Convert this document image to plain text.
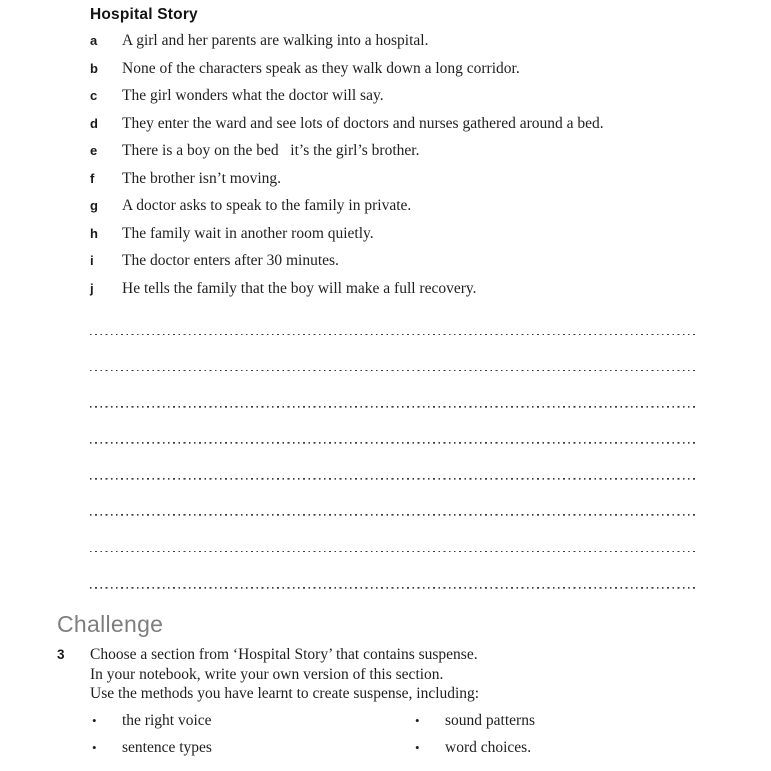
Hospital Story
a	A girl and her parents are walking into a hospital.
b	None of the characters speak as they walk down a long corridor.
c	The girl wonders what the doctor will say.
d	They enter the ward and see lots of doctors and nurses gathered around a bed.
e	There is a boy on the bed   it’s the girl’s brother.
f	The brother isn’t moving.
g	A doctor asks to speak to the family in private.
h	The family wait in another room quietly.
i	The doctor enters after 30 minutes.
j	He tells the family that the boy will make a full recovery.
Challenge
3	Choose a section from ‘Hospital Story’ that contains suspense.
In your notebook, write your own version of this section.
Use the methods you have learnt to create suspense, including:
•	the right voice
•	sentence types
•	sound patterns
•	word choices.
